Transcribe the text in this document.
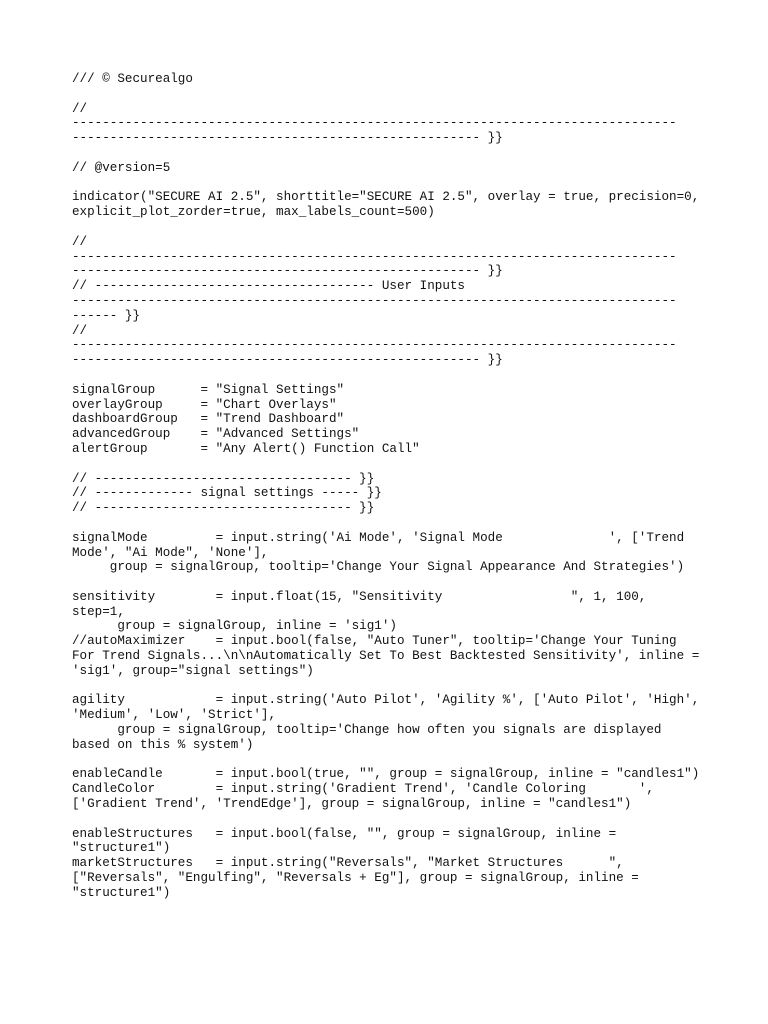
/// © Securealgo
//
--------------------------------------------------------------------------------
------------------------------------------------------ }}
// @version=5
indicator("SECURE AI 2.5", shorttitle="SECURE AI 2.5", overlay = true, precision=0,
explicit_plot_zorder=true, max_labels_count=500)
//
--------------------------------------------------------------------------------
------------------------------------------------------ }}
// ------------------------------------- User Inputs
--------------------------------------------------------------------------------
------ }}
//
--------------------------------------------------------------------------------
------------------------------------------------------ }}
signalGroup      = "Signal Settings"
overlayGroup     = "Chart Overlays"
dashboardGroup   = "Trend Dashboard"
advancedGroup    = "Advanced Settings"
alertGroup       = "Any Alert() Function Call"
// ---------------------------------- }}
// ------------- signal settings ----- }}
// ---------------------------------- }}
signalMode         = input.string('Ai Mode', 'Signal Mode              ', ['Trend
Mode', "Ai Mode", 'None'],
group = signalGroup, tooltip='Change Your Signal Appearance And Strategies')
sensitivity        = input.float(15, "Sensitivity                 ", 1, 100,
step=1,
group = signalGroup, inline = 'sig1')
//autoMaximizer    = input.bool(false, "Auto Tuner", tooltip='Change Your Tuning
For Trend Signals...\n\nAutomatically Set To Best Backtested Sensitivity', inline =
'sig1', group="signal settings")
agility            = input.string('Auto Pilot', 'Agility %', ['Auto Pilot', 'High',
'Medium', 'Low', 'Strict'],
group = signalGroup, tooltip='Change how often you signals are displayed
based on this % system')
enableCandle       = input.bool(true, "", group = signalGroup, inline = "candles1")
CandleColor        = input.string('Gradient Trend', 'Candle Coloring       ',
['Gradient Trend', 'TrendEdge'], group = signalGroup, inline = "candles1")
enableStructures   = input.bool(false, "", group = signalGroup, inline =
"structure1")
marketStructures   = input.string("Reversals", "Market Structures      ",
["Reversals", "Engulfing", "Reversals + Eg"], group = signalGroup, inline =
"structure1")
